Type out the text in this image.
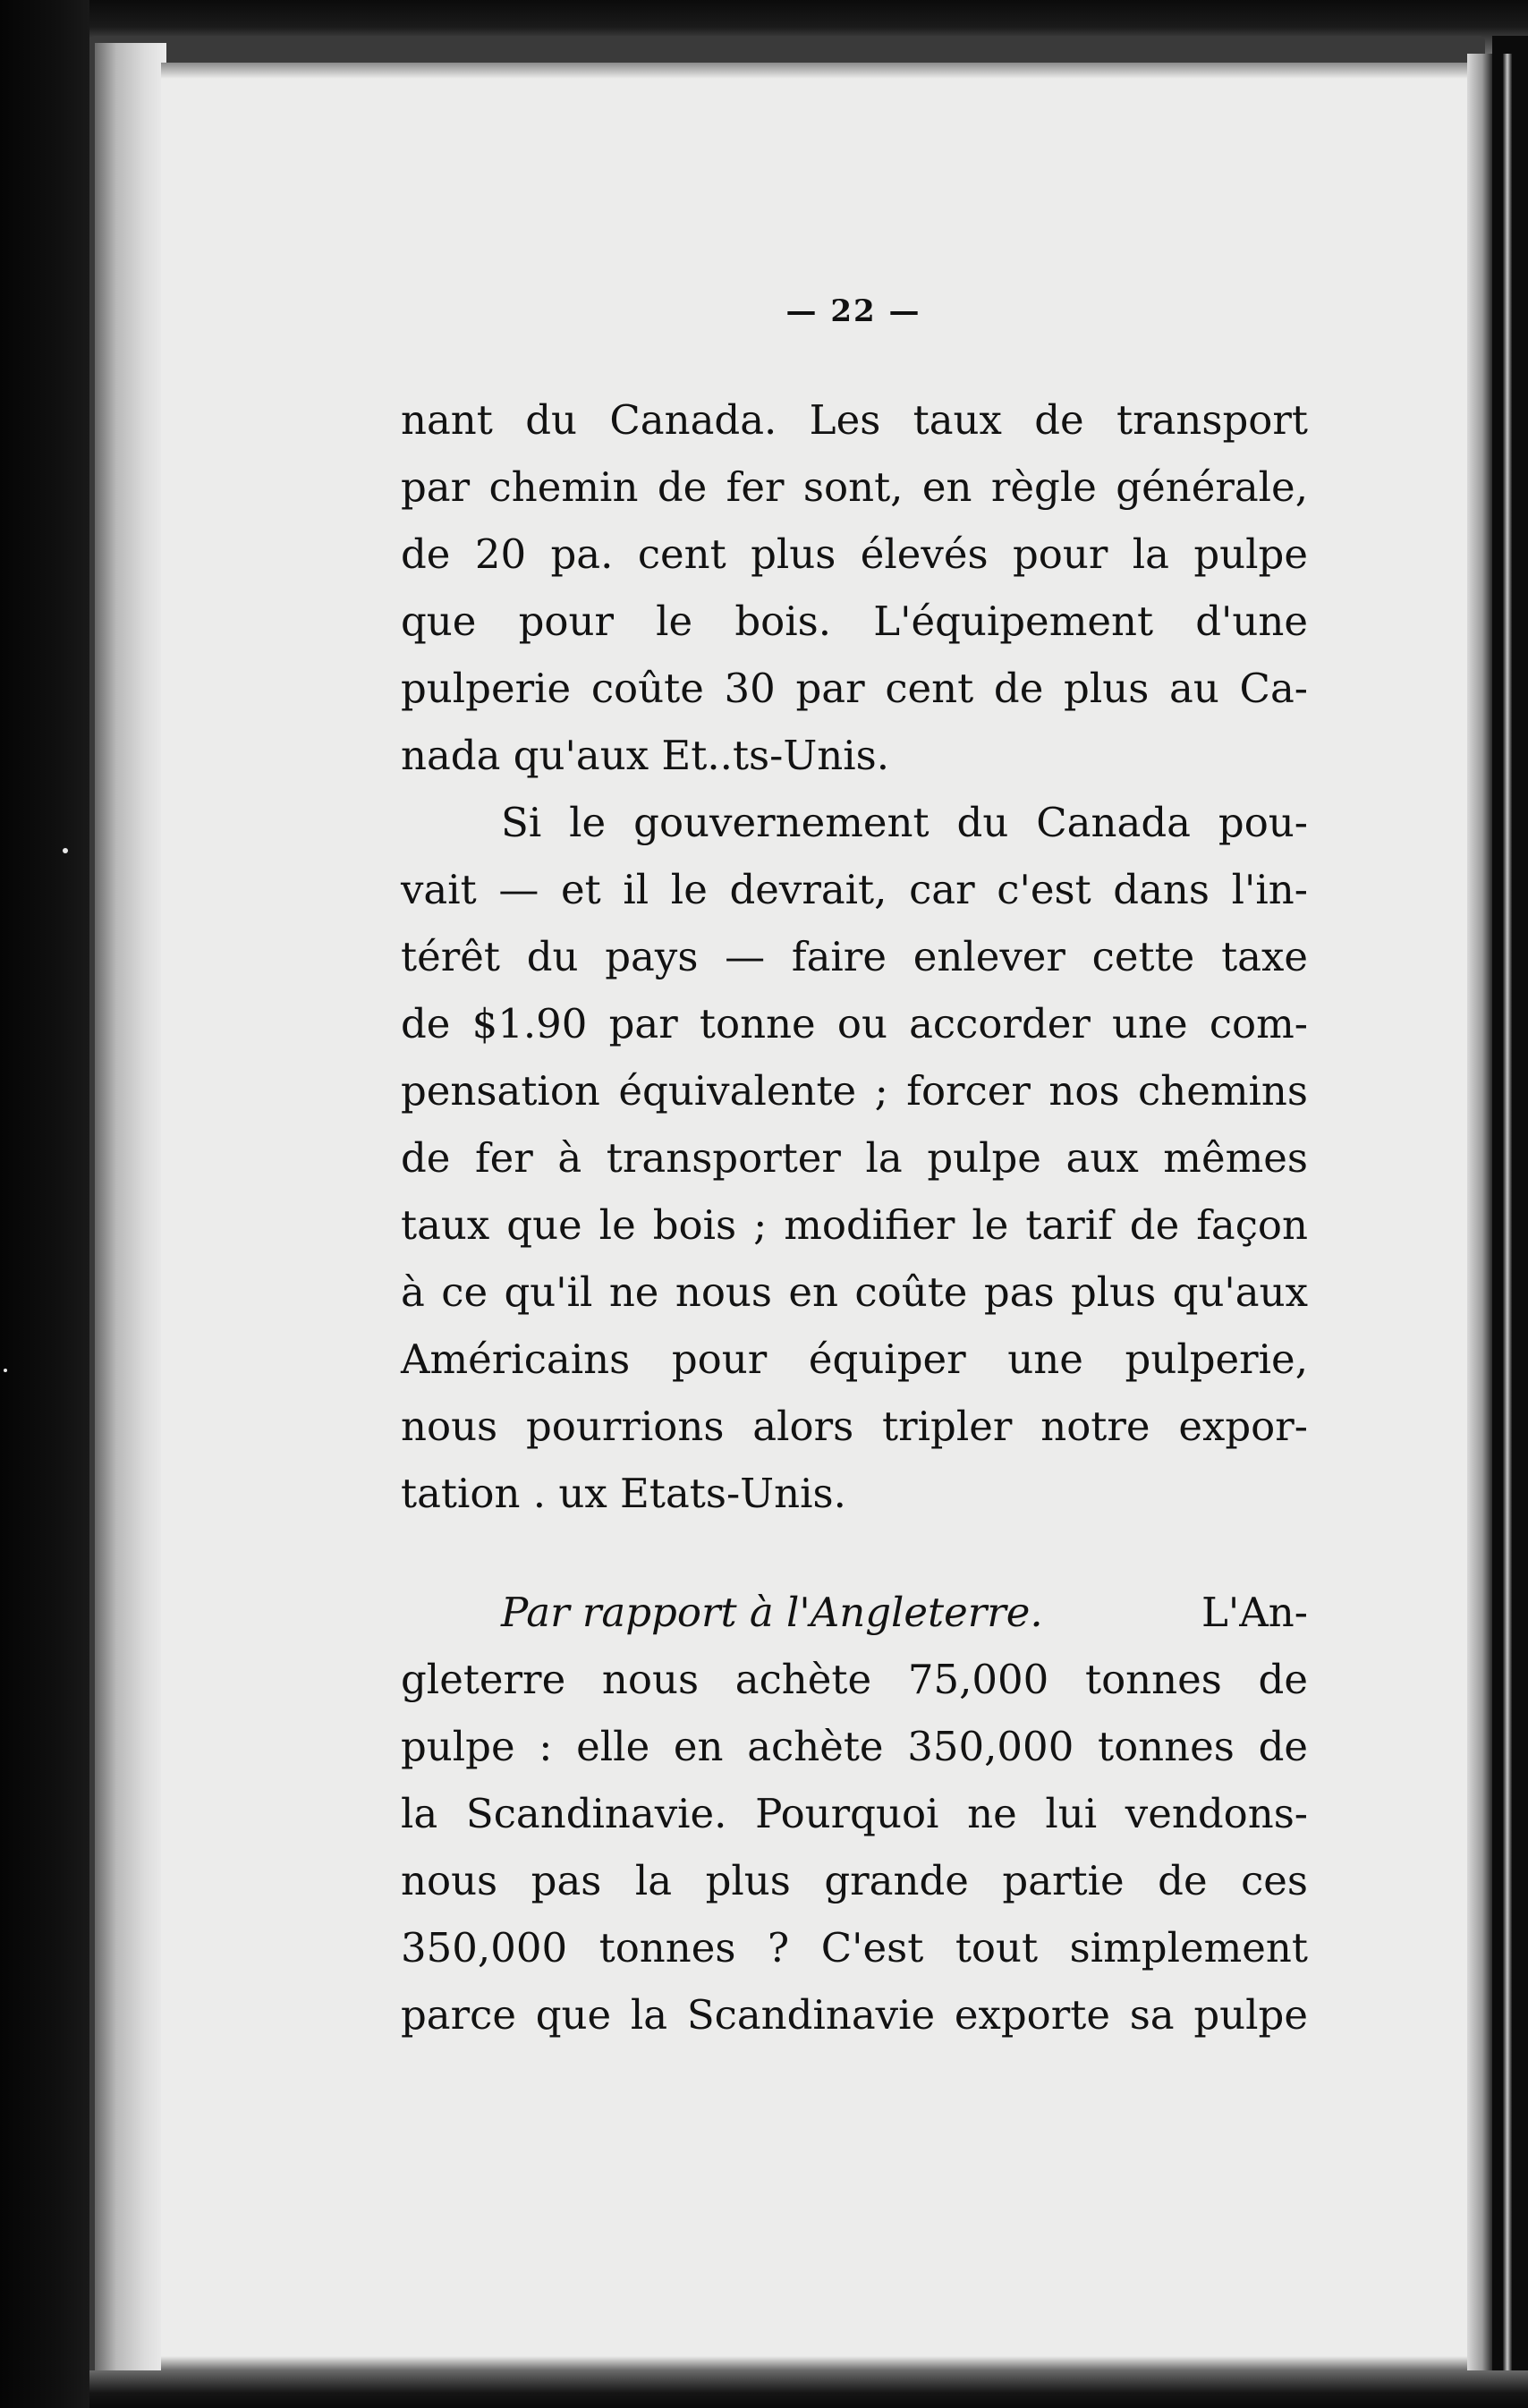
— 22 —
nant du Canada. Les taux de transport
par chemin de fer sont, en règle générale,
de 20 pa. cent plus élevés pour la pulpe
que pour le bois. L'équipement d'une
pulperie coûte 30 par cent de plus au Ca-
nada qu'aux Et..ts-Unis.
Si le gouvernement du Canada pou-
vait — et il le devrait, car c'est dans l'in-
térêt du pays — faire enlever cette taxe
de $1.90 par tonne ou accorder une com-
pensation équivalente ; forcer nos chemins
de fer à transporter la pulpe aux mêmes
taux que le bois ; modifier le tarif de façon
à ce qu'il ne nous en coûte pas plus qu'aux
Américains pour équiper une pulperie,
nous pourrions alors tripler notre expor-
tation . ux Etats-Unis.
Par rapport à l'Angleterre.	L'An-
gleterre nous achète 75,000 tonnes de
pulpe : elle en achète 350,000 tonnes de
la Scandinavie. Pourquoi ne lui vendons-
nous pas la plus grande partie de ces
350,000 tonnes ? C'est tout simplement
parce que la Scandinavie exporte sa pulpe
